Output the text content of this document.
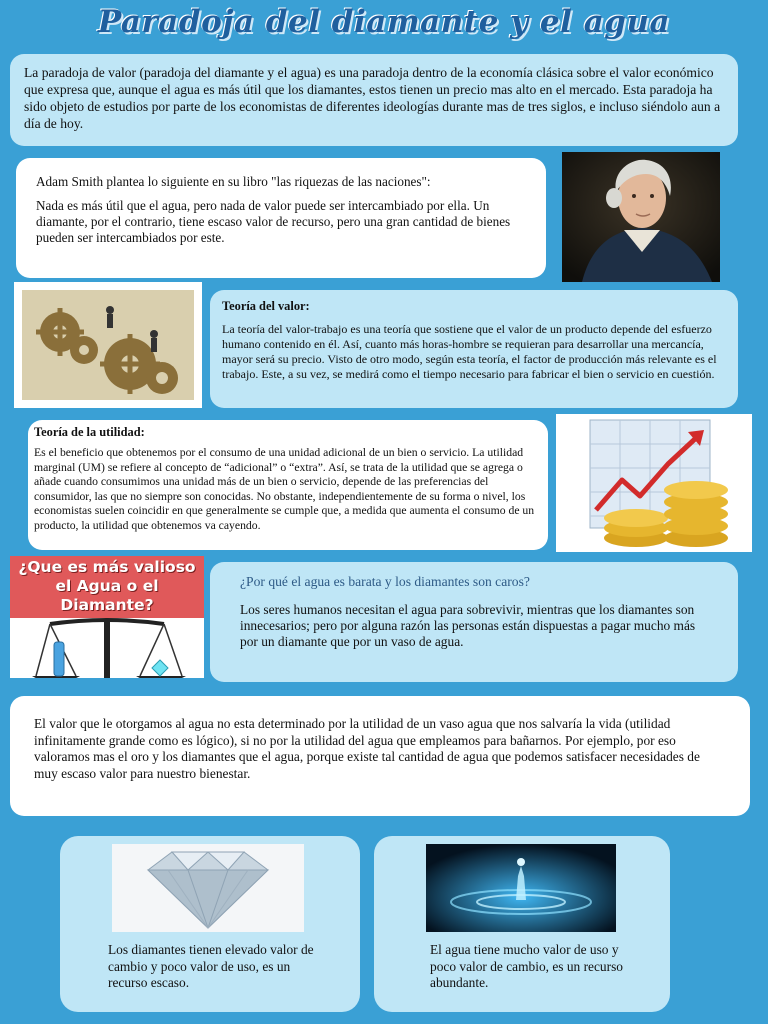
Paradoja del diamante y el agua

La paradoja de valor (paradoja del diamante y el agua) es una paradoja dentro de la economía clásica sobre el valor económico que expresa que, aunque el agua es más útil que los diamantes, estos tienen un precio mas alto en el mercado. Esta paradoja ha sido objeto de estudios por parte de los economistas de diferentes ideologías durante mas de tres siglos, e incluso siéndolo aun a día de hoy.

Adam Smith plantea lo siguiente en su libro "las riquezas de las naciones":

Nada es más útil que el agua, pero nada de valor puede ser intercambiado por ella. Un diamante, por el contrario, tiene escaso valor de recurso, pero una gran cantidad de bienes pueden ser intercambiados por este.

Teoría del valor:

La teoría del valor-trabajo es una teoría que sostiene que el valor de un producto depende del esfuerzo humano contenido en él. Así, cuanto más horas-hombre se requieran para desarrollar una mercancía, mayor será su precio. Visto de otro modo, según esta teoría, el factor de producción más relevante es el trabajo. Este, a su vez, se medirá como el tiempo necesario para fabricar el bien o servicio en cuestión.

Teoría de la utilidad:

Es el beneficio que obtenemos por el consumo de una unidad adicional de un bien o servicio. La utilidad marginal (UM) se refiere al concepto de “adicional” o “extra”. Así, se trata de la utilidad que se agrega o añade cuando consumimos una unidad más de un bien o servicio, depende de las preferencias del consumidor, las que no siempre son conocidas. No obstante, independientemente de su forma o nivel, los economistas suelen coincidir en que generalmente se cumple que, a medida que aumenta el consumo de un producto, la utilidad que obtenemos va cayendo.

¿Que es más valioso
el Agua o el Diamante?

¿Por qué el agua es barata y los diamantes son caros?

Los seres humanos necesitan el agua para sobrevivir, mientras que los diamantes son innecesarios; pero por alguna razón las personas están dispuestas a pagar mucho más por un diamante que por un vaso de agua.

El valor que le otorgamos al agua no esta determinado por la utilidad de un vaso agua que nos salvaría la vida (utilidad infinitamente grande como es lógico), si no por la utilidad del agua que empleamos para bañarnos. Por ejemplo, por eso valoramos mas el oro y los diamantes que el agua, porque existe tal cantidad de agua que podemos satisfacer necesidades de muy escaso valor para nuestro bienestar.

Los diamantes tienen elevado valor de cambio y poco valor de uso, es un recurso escaso.

El agua tiene mucho valor de uso y poco valor de cambio, es un recurso abundante.
